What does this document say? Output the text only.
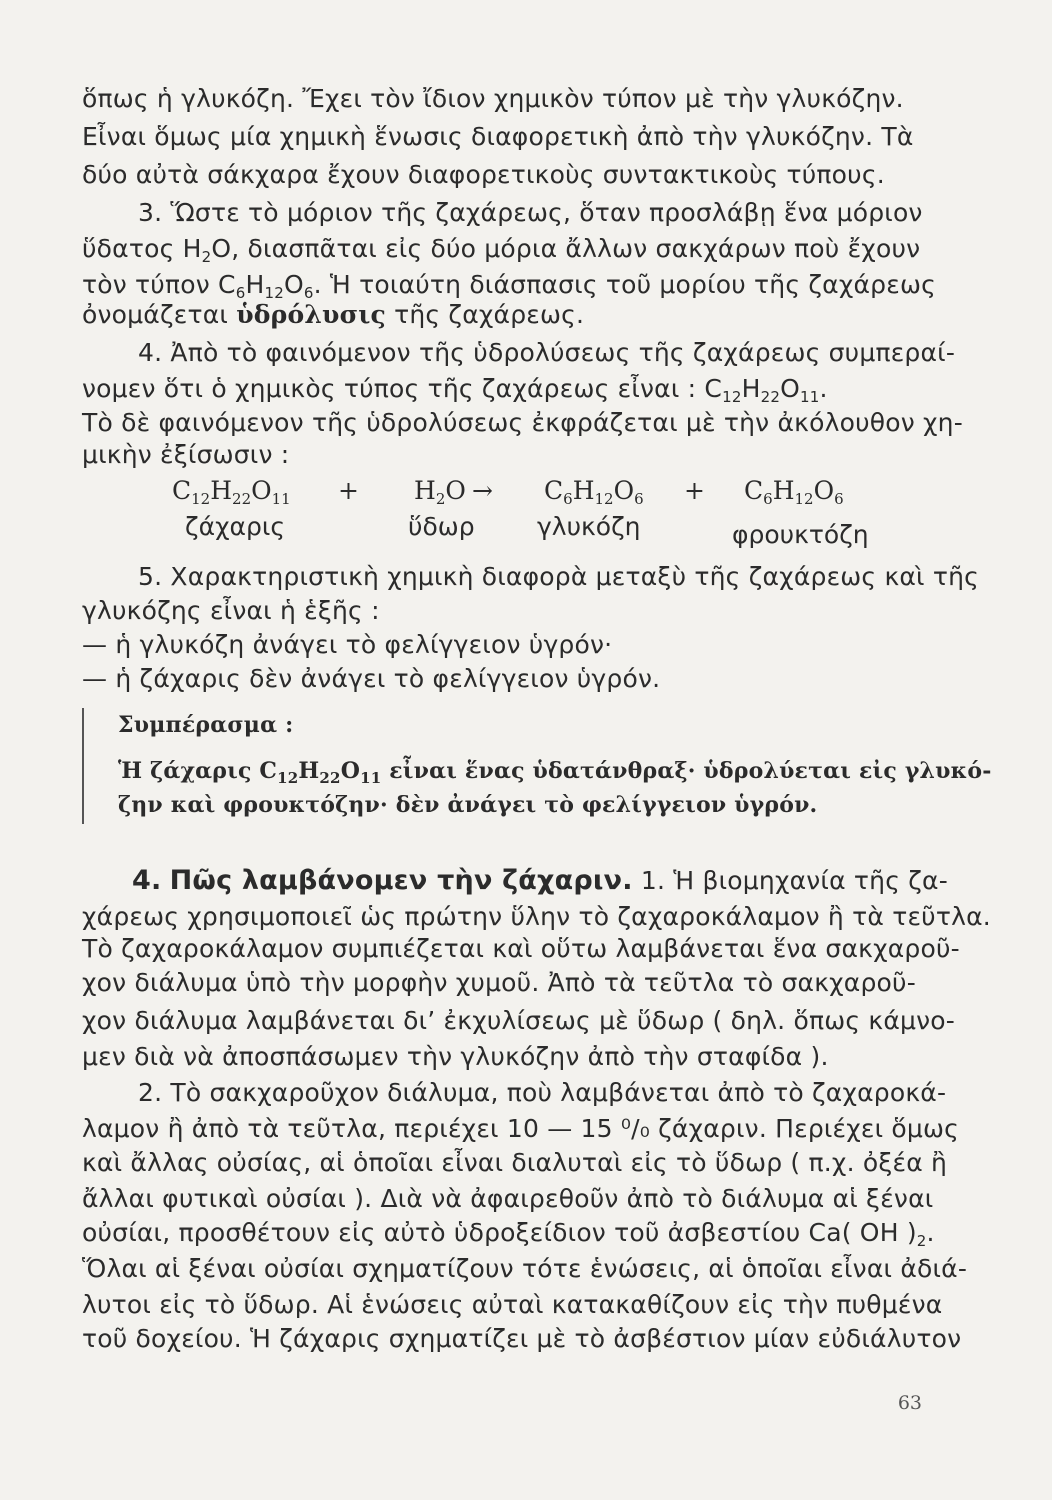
ὅπως ἡ γλυκόζη. Ἔχει τὸν ἴδιον χημικὸν τύπον μὲ τὴν γλυκόζην.
Εἶναι ὅμως μία χημικὴ ἕνωσις διαφορετικὴ ἀπὸ τὴν γλυκόζην. Τὰ
δύο αὐτὰ σάκχαρα ἔχουν διαφορετικοὺς συντακτικοὺς τύπους.
3. Ὥστε τὸ μόριον τῆς ζαχάρεως, ὅταν προσλάβῃ ἕνα μόριον
ὕδατος $H_2O$, διασπᾶται εἰς δύο μόρια ἄλλων σακχάρων ποὺ ἔχουν
τὸν τύπον $C_6H_{12}O_6$. Ἡ τοιαύτη διάσπασις τοῦ μορίου τῆς ζαχάρεως
ὀνομάζεται ὑδρόλυσις τῆς ζαχάρεως.
4. Ἀπὸ τὸ φαινόμενον τῆς ὑδρολύσεως τῆς ζαχάρεως συμπεραί-
νομεν ὅτι ὁ χημικὸς τύπος τῆς ζαχάρεως εἶναι : $C_{12}H_{22}O_{11}$.
Τὸ δὲ φαινόμενον τῆς ὑδρολύσεως ἐκφράζεται μὲ τὴν ἀκόλουθον χη-
μικὴν ἐξίσωσιν :
$C_{12}H_{22}O_{11}$
ζάχαρις
+ $H_2O$
ὕδωρ
→ $C_6H_{12}O_6$
γλυκόζη
+ $C_6H_{12}O_6$
φρουκτόζη
5. Χαρακτηριστικὴ χημικὴ διαφορὰ μεταξὺ τῆς ζαχάρεως καὶ τῆς
γλυκόζης εἶναι ἡ ἑξῆς :
— ἡ γλυκόζη ἀνάγει τὸ φελίγγειον ὑγρόν·
— ἡ ζάχαρις δὲν ἀνάγει τὸ φελίγγειον ὑγρόν.
Συμπέρασμα :
Ἡ ζάχαρις $C_{12}H_{22}O_{11}$ εἶναι ἕνας ὑδατάνθραξ· ὑδρολύεται εἰς γλυκό-
ζην καὶ φρουκτόζην· δὲν ἀνάγει τὸ φελίγγειον ὑγρόν.
4. Πῶς λαμβάνομεν τὴν ζάχαριν. 1. Ἡ βιομηχανία τῆς ζα-
χάρεως χρησιμοποιεῖ ὡς πρώτην ὕλην τὸ ζαχαροκάλαμον ἢ τὰ τεῦτλα.
Τὸ ζαχαροκάλαμον συμπιέζεται καὶ οὕτω λαμβάνεται ἕνα σακχαροῦ-
χον διάλυμα ὑπὸ τὴν μορφὴν χυμοῦ. Ἀπὸ τὰ τεῦτλα τὸ σακχαροῦ-
χον διάλυμα λαμβάνεται δι’ ἐκχυλίσεως μὲ ὕδωρ ( δηλ. ὅπως κάμνο-
μεν διὰ νὰ ἀποσπάσωμεν τὴν γλυκόζην ἀπὸ τὴν σταφίδα ).
2. Τὸ σακχαροῦχον διάλυμα, ποὺ λαμβάνεται ἀπὸ τὸ ζαχαροκά-
λαμον ἢ ἀπὸ τὰ τεῦτλα, περιέχει 10 — 15 ⁰/₀ ζάχαριν. Περιέχει ὅμως
καὶ ἄλλας οὐσίας, αἱ ὁποῖαι εἶναι διαλυταὶ εἰς τὸ ὕδωρ ( π.χ. ὀξέα ἢ
ἄλλαι φυτικαὶ οὐσίαι ). Διὰ νὰ ἀφαιρεθοῦν ἀπὸ τὸ διάλυμα αἱ ξέναι
οὐσίαι, προσθέτουν εἰς αὐτὸ ὑδροξείδιον τοῦ ἀσβεστίου Ca( OH )$_2$.
Ὅλαι αἱ ξέναι οὐσίαι σχηματίζουν τότε ἑνώσεις, αἱ ὁποῖαι εἶναι ἀδιά-
λυτοι εἰς τὸ ὕδωρ. Αἱ ἑνώσεις αὐταὶ κατακαθίζουν εἰς τὴν πυθμένα
τοῦ δοχείου. Ἡ ζάχαρις σχηματίζει μὲ τὸ ἀσβέστιον μίαν εὐδιάλυτον
63
